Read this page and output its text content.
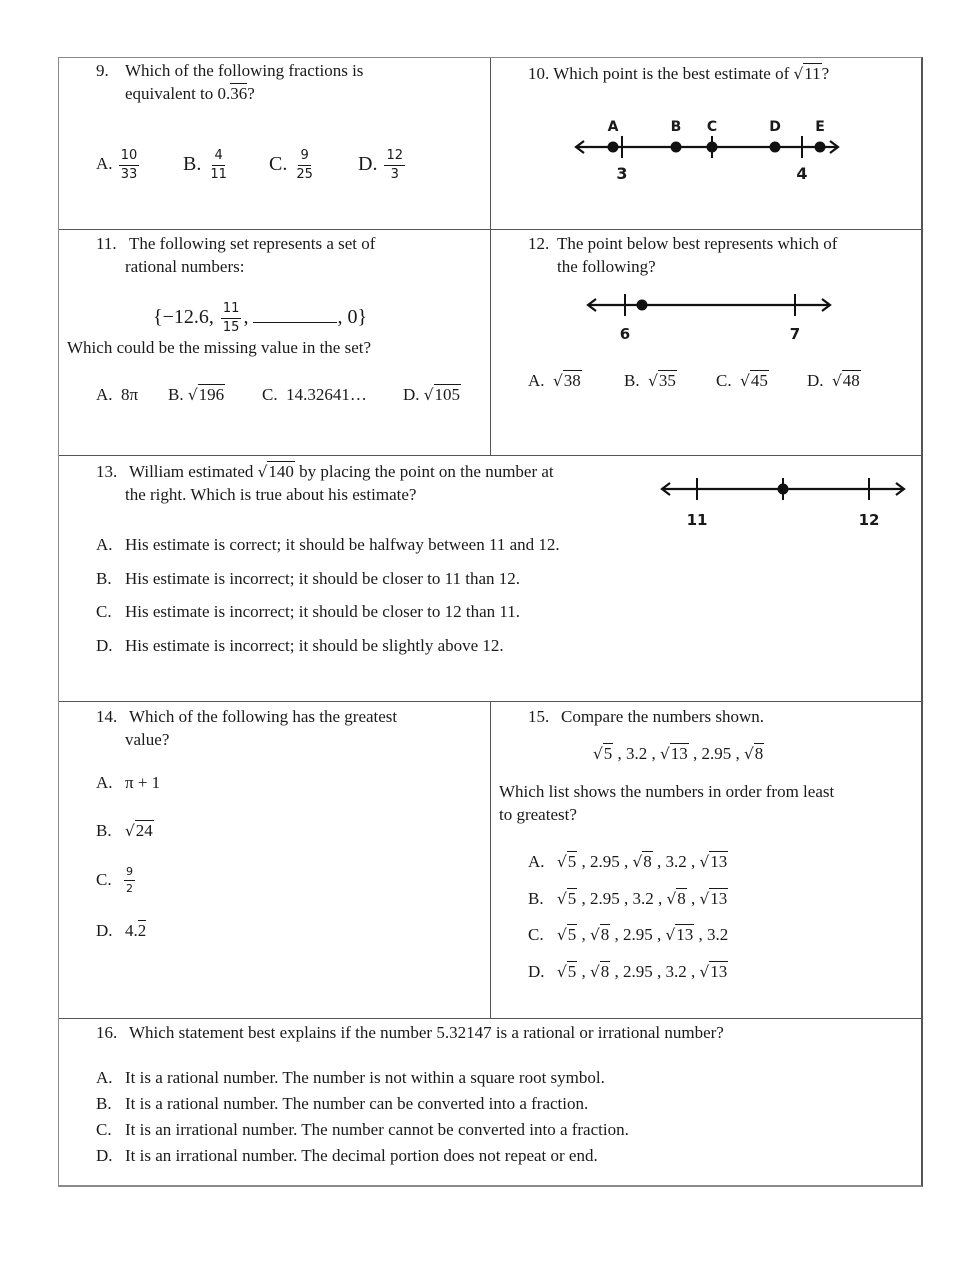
9. Which of the following fractions is
equivalent to 0.36?
A. $\frac{10}{33} B$. $\frac{4}{11} C$. $\frac{9}{25} D$. $\frac{12}{3}$
10. Which point is the best estimate of √11?
3	4
A	B C	D E
11. The following set represents a set of
rational numbers:
{−12.6, $\frac{11}{15}$ ,	, 0}
Which could be the missing value in the set?
A. 8π B. √196 C. 14.32641… D. √105
12. The point below best represents which of
the following?
6	7
A. √38	B. √35 C. √45 D. √48
13. William estimated √140 by placing the point on the number at
the right. Which is true about his estimate?
11	12
A. His estimate is correct; it should be halfway between 11 and 12.
B. His estimate is incorrect; it should be closer to 11 than 12.
C. His estimate is incorrect; it should be closer to 12 than 11.
D. His estimate is incorrect; it should be slightly above 12.
14. Which of the following has the greatest
value?
A. π + 1
B. √24
C. $\frac{9}{2}$
D. 4.2
15. Compare the numbers shown.
√5 , 3.2 , √13 , 2.95 , √8
Which list shows the numbers in order from least
to greatest?
A. √5 , 2.95 , √8 , 3.2 , √13
B. √5 , 2.95 , 3.2 , √8 , √13
C. √5 , √8 , 2.95 , √13 , 3.2
D. √5 , √8 , 2.95 , 3.2 , √13
16. Which statement best explains if the number 5.32147 is a rational or irrational number?
A. It is a rational number. The number is not within a square root symbol.
B. It is a rational number. The number can be converted into a fraction.
C. It is an irrational number. The number cannot be converted into a fraction.
D. It is an irrational number. The decimal portion does not repeat or end.
